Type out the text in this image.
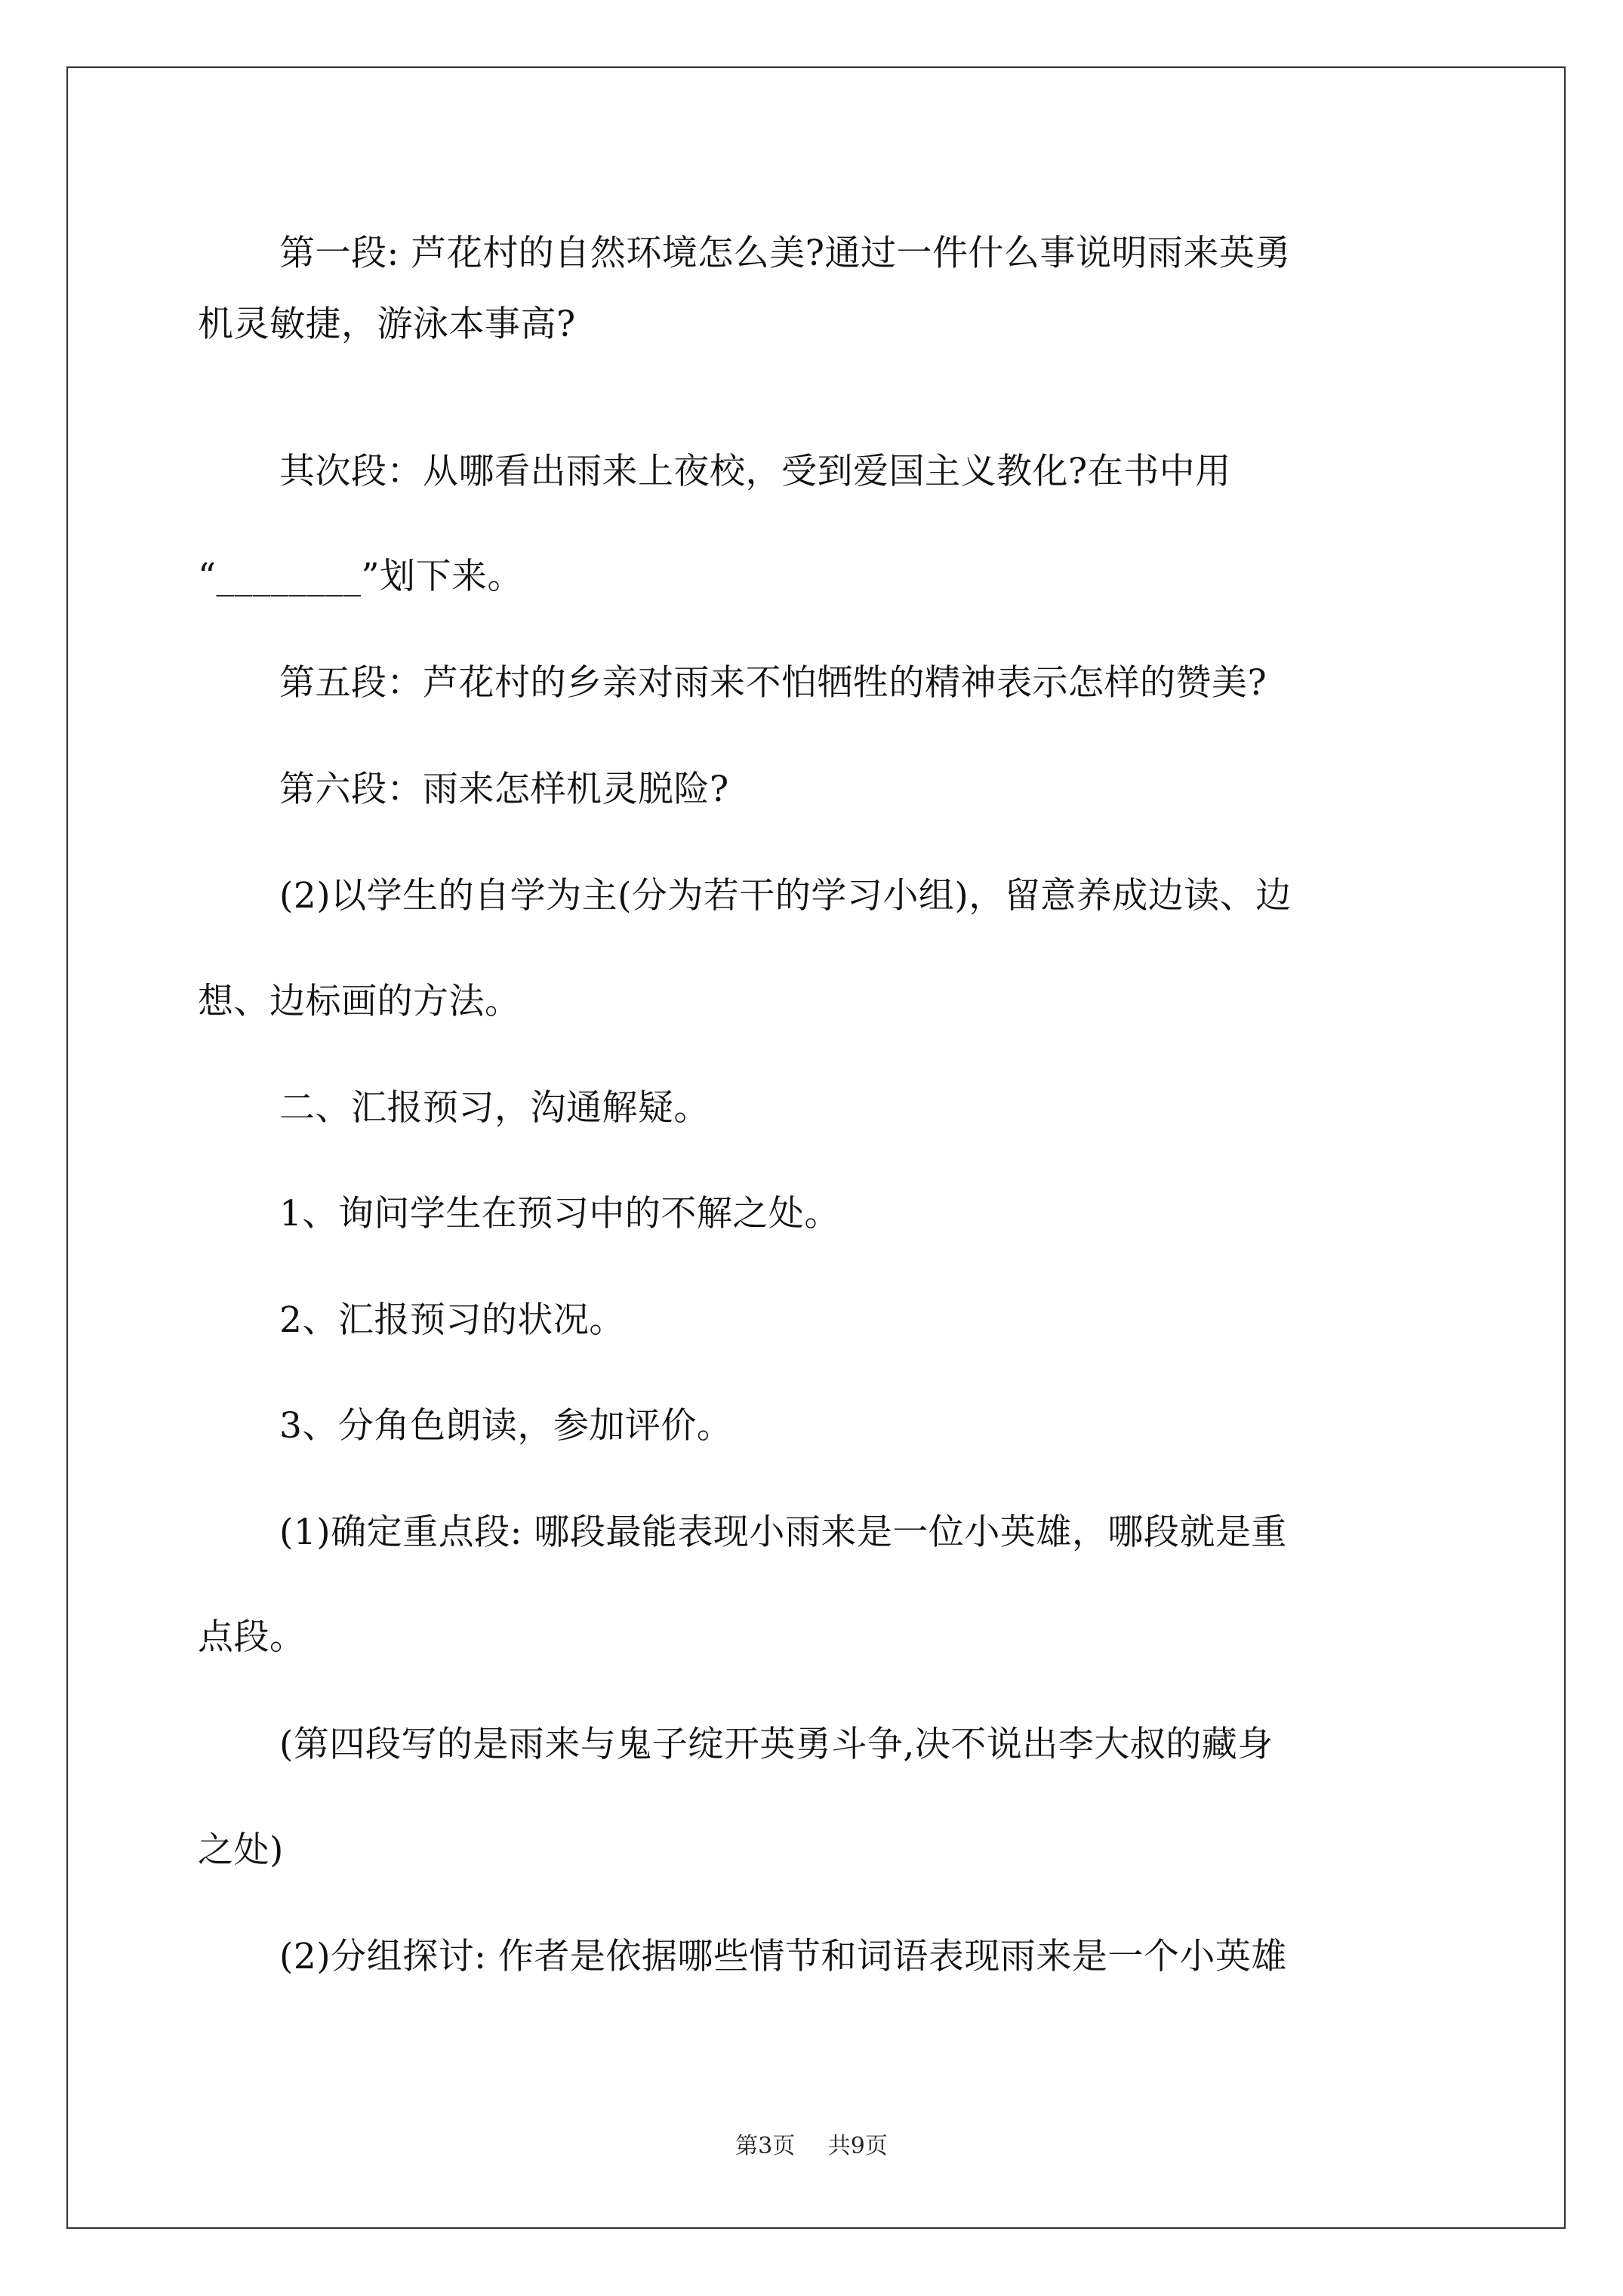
第一段: 芦花村的自然环境怎么美?通过一件什么事说明雨来英勇
机灵敏捷，游泳本事高?
其次段：从哪看出雨来上夜校，受到爱国主义教化?在书中用
“________”划下来。
第五段：芦花村的乡亲对雨来不怕牺牲的精神表示怎样的赞美?
第六段：雨来怎样机灵脱险?
(2)以学生的自学为主(分为若干的学习小组)，留意养成边读、边
想、边标画的方法。
二、汇报预习，沟通解疑。
1、询问学生在预习中的不解之处。
2、汇报预习的状况。
3、分角色朗读，参加评价。
(1)确定重点段: 哪段最能表现小雨来是一位小英雄，哪段就是重
点段。
(第四段写的是雨来与鬼子绽开英勇斗争,决不说出李大叔的藏身
之处)
(2)分组探讨: 作者是依据哪些情节和词语表现雨来是一个小英雄
第3页 共9页
